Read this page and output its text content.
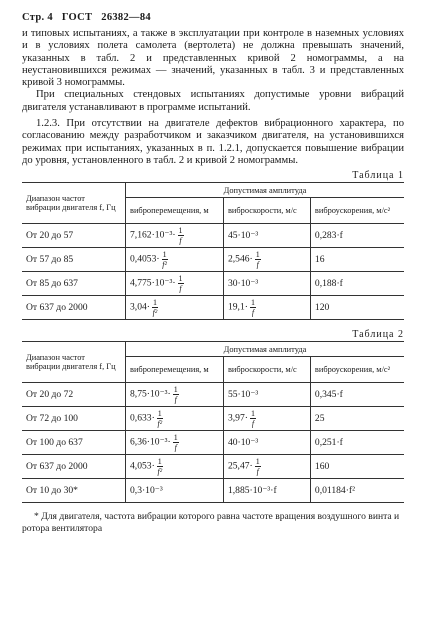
Стр. 4 ГОСТ 26382—84

и типовых испытаниях, а также в эксплуатации при контроле в наземных условиях и в условиях полета самолета (вертолета) не должна превышать значений, указанных в табл. 2 и представленных кривой 2 номограммы, а на неустановившихся режимах — значений, указанных в табл. 3 и представленных кривой 3 номограммы.

При специальных стендовых испытаниях допустимые уровни вибраций двигателя устанавливают в программе испытаний.

1.2.3. При отсутствии на двигателе дефектов вибрационного характера, по согласованию между разработчиком и заказчиком двигателя, на установившихся режимах при испытаниях, указанных в п. 1.2.1, допускается повышение вибрации до уровня, установленного в табл. 2 и кривой 2 номограммы.

Таблица 1
Диапазон частот вибрации двигателя f, Гц	Допустимая амплитуда		
	виброперемещения, м	виброскорости, м/с	виброускорения, м/с²
От 20 до 57	$7,162\cdot 10^{-3}\cdot \frac{1}{f}$	45·10⁻³	0,283·f
От 57 до 85	$0,4053\cdot \frac{1}{\text{f²}}$	$2,546\cdot \frac{1}{f}$	16
От 85 до 637	$4,775\cdot 10^{-3}\cdot \frac{1}{f}$	30·10⁻³	0,188·f
От 637 до 2000	$3,04\cdot \frac{1}{\text{f²}}$	$19,1\cdot \frac{1}{f}$	120
Таблица 2
Диапазон частот вибрации двигателя f, Гц	Допустимая амплитуда		
	виброперемещения, м	виброскорости, м/с	виброускорения, м/с²
От 20 до 72	$8,75\cdot 10^{-3}\cdot \frac{1}{f}$	55·10⁻³	0,345·f
От 72 до 100	$0,633\cdot \frac{1}{\text{f²}}$	$3,97\cdot \frac{1}{f}$	25
От 100 до 637	$6,36\cdot 10^{-3}\cdot \frac{1}{f}$	40·10⁻³	0,251·f
От 637 до 2000	$4,053\cdot \frac{1}{\text{f²}}$	$25,47\cdot \frac{1}{f}$	160
От 10 до 30*	0,3·10⁻³	1,885·10⁻³·f	0,01184·f²

* Для двигателя, частота вибрации которого равна частоте вращения воздушного винта и ротора вентилятора
